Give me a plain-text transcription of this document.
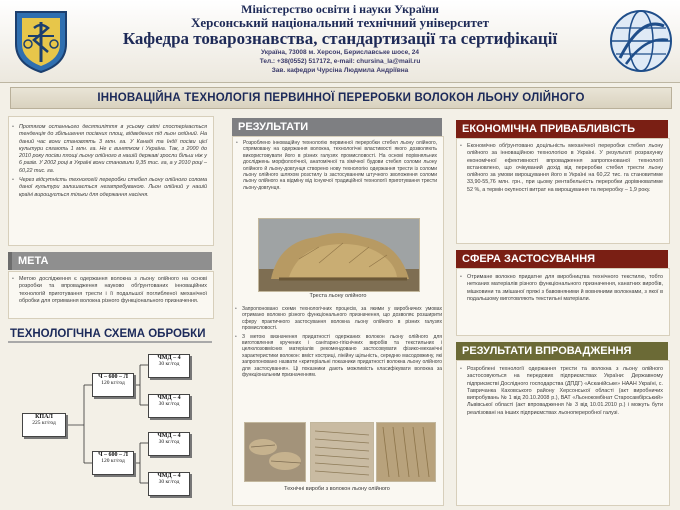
Міністерство освіти і науки України
Херсонський національний технічний університет
Кафедра товарознавства, стандартизації та сертифікації
Україна, 73008 м. Херсон, Бериславське шосе, 24
Тел.: +38(0552) 517172, e-mail: chursina_la@mail.ru
Зав. кафедри Чурсіна Людмила Андріївна
ІННОВАЦІЙНА ТЕХНОЛОГІЯ ПЕРВИННОЇ ПЕРЕРОБКИ ВОЛОКОН ЛЬОНУ ОЛІЙНОГО
• Протягом останнього десятиліття в усьому світі спостерігається тенденція до збільшення посівних площ, відведених під льон олійний. На даний час вони становлять 3 млн. га. У Канаді та Індії посіви цієї культури сягають 1 млн. га. Не є винятком і Україна. Так, з 2000 до 2010 року посіви площі льону олійного в нашій державі зросли більш ніж у 6 разів. У 2002 році в Україні вони становили 9,35 тис. га, а у 2010 році – 60,22 тис. га.
• Через відсутність технологій переробки стебел льону олійного солома даної культури залишається незатребуваною. Льон олійний у нашій країні вирощується тільки для одержання насіння.
МЕТА
• Метою дослідження є одержання волокна з льону олійного на основі розробки та впровадження науково обґрунтованих інноваційних технологій приготування трести і її подальшої поглибленої механічної обробки для отримання волокна різного функціонального призначення.
ТЕХНОЛОГІЧНА СХЕМА ОБРОБКИ
КПАЛ
225 кг/год
Ч – 600 – Л
120 кг/год
Ч – 600 – Л
120 кг/год
ЧМД – 4
30 кг/год
ЧМД – 4
30 кг/год
ЧМД – 4
30 кг/год
ЧМД – 4
30 кг/год
РЕЗУЛЬТАТИ
• Розроблено інноваційну технологію первинної переробки стебел льону олійного, спрямовану на одержання волокна, технологічні властивості якого дозволяють використовувати його в різних галузях промисловості. На основі порівняльних досліджень морфологічної, анатомічної та хімічної будови стебел соломи льону олійного й льону-довгунця створено нову технологію одержання трести із соломи льону олійного шляхом розстилу із застосуванням штучного зволоження соломи льону олійного на відміну від існуючої традиційної технології приготування трести льону-довгунця.
Треста льону олійного
• Запропоновано схеми технологічних процесів, за якими у виробничих умовах отримано волокно різного функціонального призначення, що дозволяє розширити сферу практичного застосування волокна льону олійного в різних галузях промисловості.
• З метою визначення придатності одержаних волокон льону олійного для виготовлення кручених і санітарно-гігієнічних виробів та текстильних і целюлозовмісних матеріалів рекомендовано застосовувати фізико-механічні характеристики волокон: вміст костриці, лінійну щільність, середню масодовжину, які запропоновано назвати «критеріальні показники придатності волокна льону олійного для застосування». Ці показники дають можливість класифікувати волокна за функціональним призначенням.
Технічні вироби з волокон льону олійного
ЕКОНОМІЧНА ПРИВАБЛИВІСТЬ
• Економічно обґрунтовано доцільність механічної переробки стебел льону олійного за інноваційною технологією в Україні. У результаті розрахунку економічної ефективності впровадження запропонованої технології встановлено, що очікуваний дохід від переробки стебел трести льону олійного за умови вирощування його в Україні на 60,22 тис. га становитиме 33,90-55,76 млн. грн., при цьому рентабельність переробки дорівнюватиме 52 %, а термін окупності витрат на вирощування та переробку – 1,9 року.
СФЕРА ЗАСТОСУВАННЯ
• Отримане волокно придатне для виробництва технічного текстилю, тобто нетканих матеріалів різного функціонального призначення, канатних виробів, мішковини та змішаної пряжі з бавовняними й вовняними волокнами, з якої в подальшому виготовляють текстильні матеріали.
РЕЗУЛЬТАТИ ВПРОВАДЖЕННЯ
• Розроблені технології одержання трести та волокна з льону олійного застосовуються на передових підприємствах України: Державному підприємстві Дослідного господарства (ДПДГ) «Асканійське» НААН Україні, с. Тавричанка Каховського району Херсонської області (акт виробничих випробувань № 1 від 20.10.2008 р.), ВАТ «Льонокомбінат Старосамбірський» Львівської області (акт впровадження № 3 від 10.01.2010 р.) і можуть бути реалізовані на інших підприємствах льонопереробної галузі.
